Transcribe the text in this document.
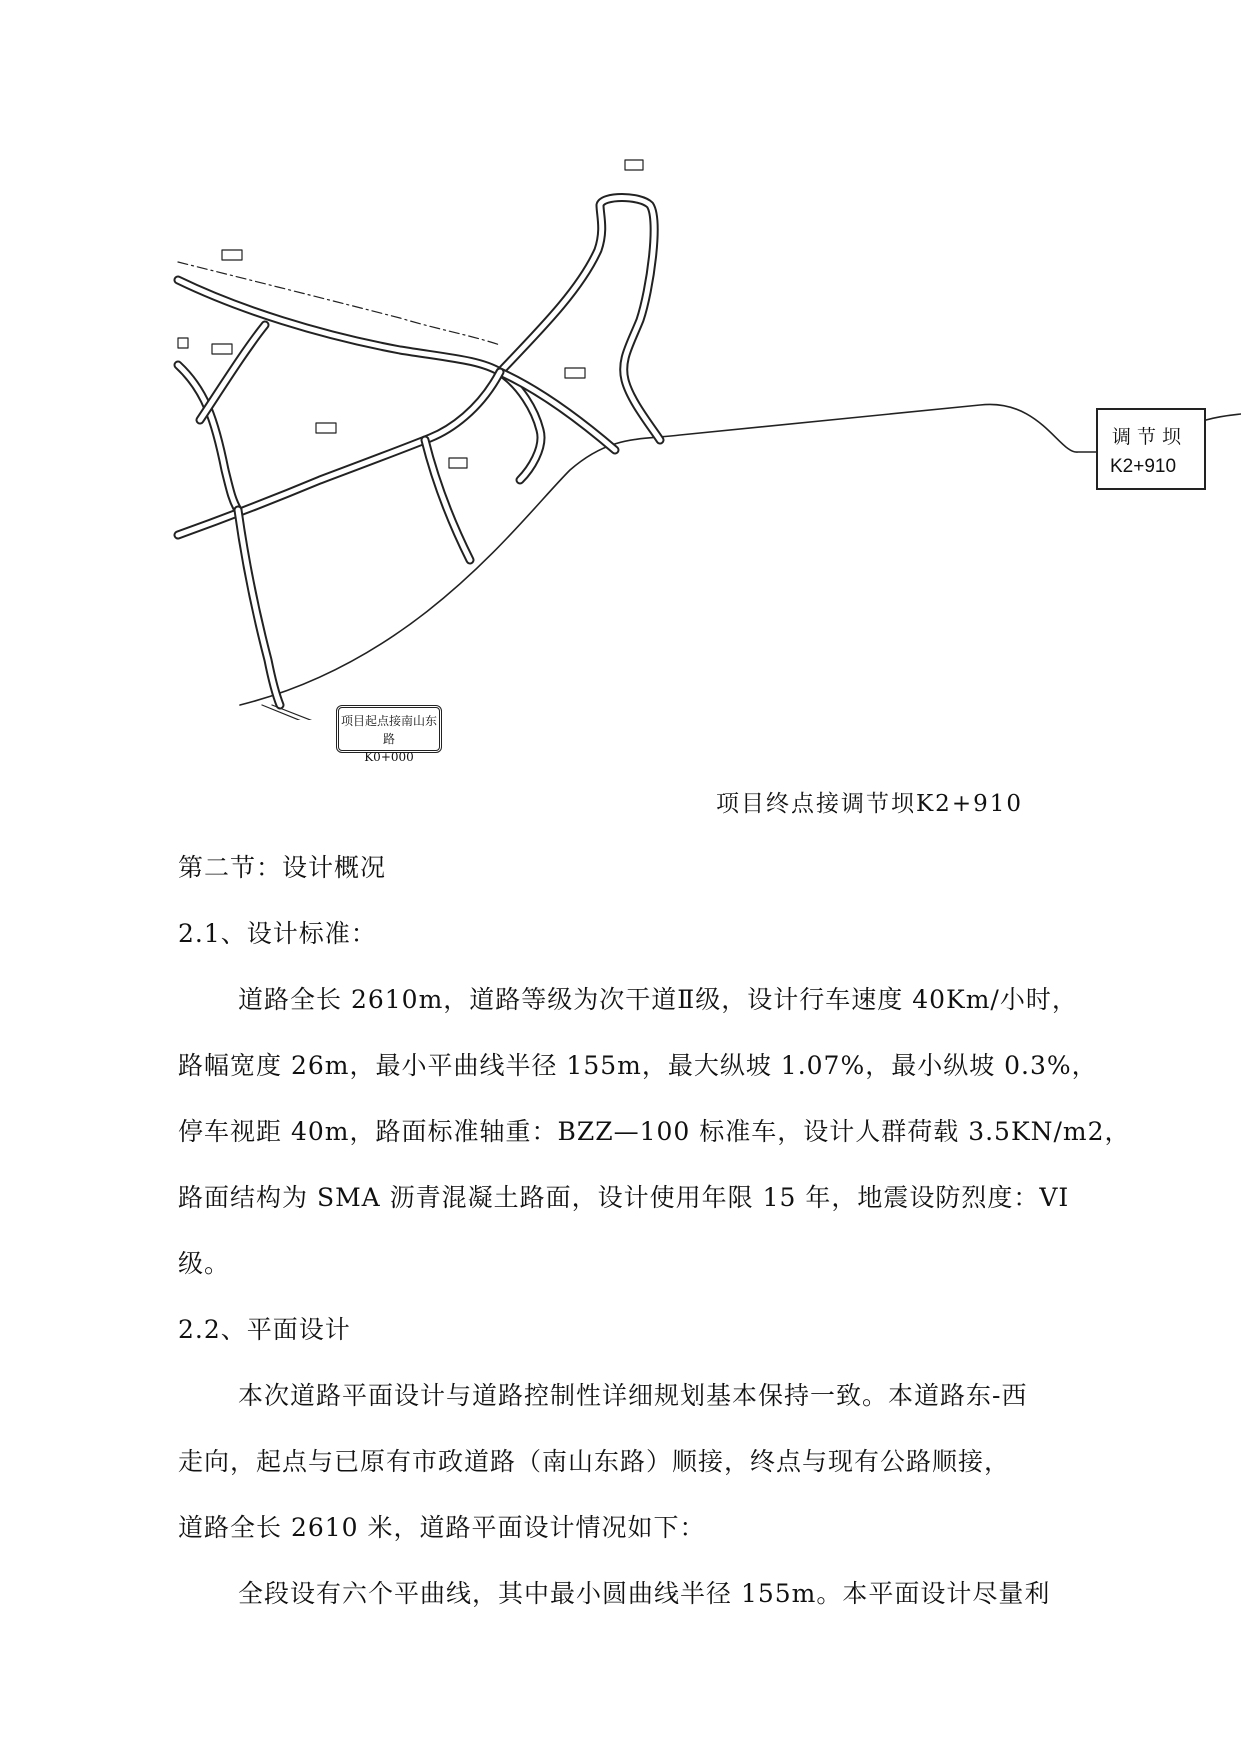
调节坝
K2+910
项目起点接南山东路
K0+000
项目终点接调节坝K2+910
第二节：设计概况
2.1、设计标准：
道路全长 2610m，道路等级为次干道Ⅱ级，设计行车速度 40Km/小时，
路幅宽度 26m，最小平曲线半径 155m，最大纵坡 1.07%，最小纵坡 0.3%，
停车视距 40m，路面标准轴重：BZZ—100 标准车，设计人群荷载 3.5KN/m2，
路面结构为 SMA 沥青混凝土路面，设计使用年限 15 年，地震设防烈度：VI
级。
2.2、平面设计
本次道路平面设计与道路控制性详细规划基本保持一致。本道路东-西
走向，起点与已原有市政道路（南山东路）顺接，终点与现有公路顺接，
道路全长 2610 米，道路平面设计情况如下：
全段设有六个平曲线，其中最小圆曲线半径 155m。本平面设计尽量利
